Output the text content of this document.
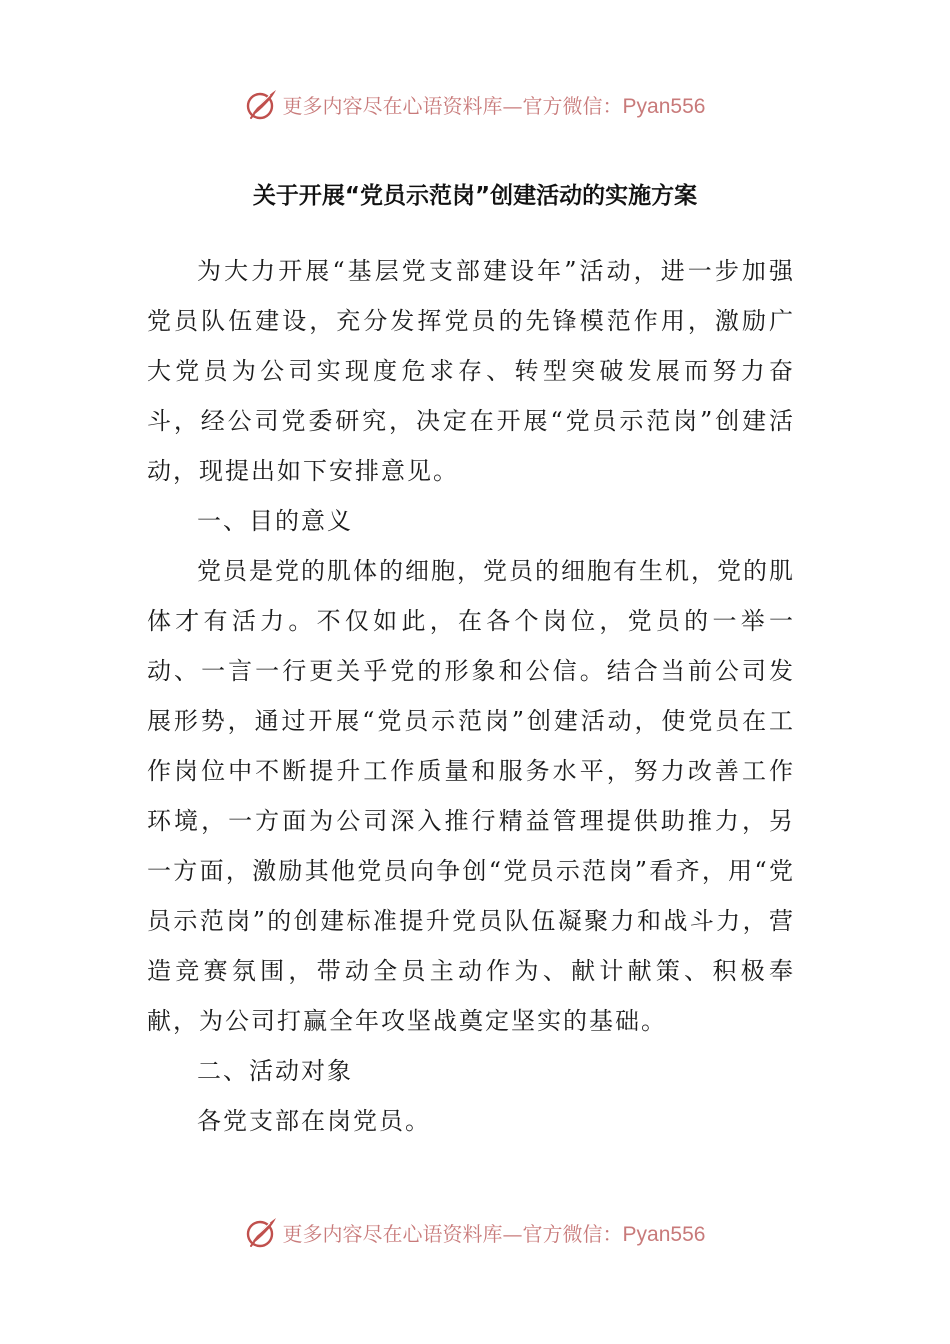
更多内容尽在心语资料库—官方微信：Pyan556
关于开展“党员示范岗”创建活动的实施方案

为大力开展“基层党支部建设年”活动，进一步加强党员队伍建设，充分发挥党员的先锋模范作用，激励广大党员为公司实现度危求存、转型突破发展而努力奋斗，经公司党委研究，决定在开展“党员示范岗”创建活动，现提出如下安排意见。

一、目的意义

党员是党的肌体的细胞，党员的细胞有生机，党的肌体才有活力。不仅如此，在各个岗位，党员的一举一动、一言一行更关乎党的形象和公信。结合当前公司发展形势，通过开展“党员示范岗”创建活动，使党员在工作岗位中不断提升工作质量和服务水平，努力改善工作环境，一方面为公司深入推行精益管理提供助推力，另一方面，激励其他党员向争创“党员示范岗”看齐，用“党员示范岗”的创建标准提升党员队伍凝聚力和战斗力，营造竞赛氛围，带动全员主动作为、献计献策、积极奉献，为公司打赢全年攻坚战奠定坚实的基础。

二、活动对象

各党支部在岗党员。

更多内容尽在心语资料库—官方微信：Pyan556
